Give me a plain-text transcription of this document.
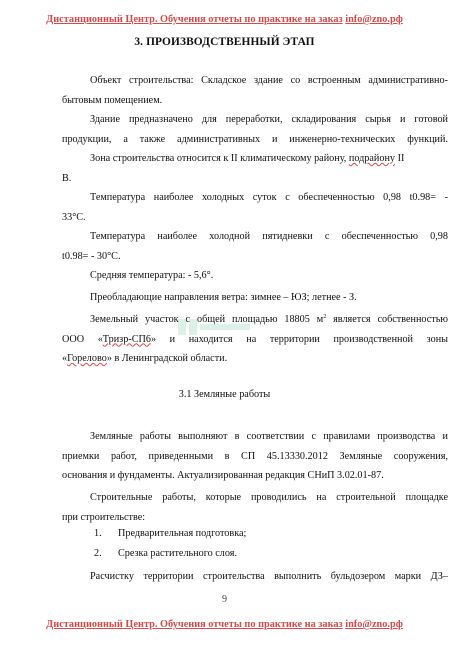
Дистанционный Центр. Обучения отчеты по практике на заказ info@zno.рф
3. ПРОИЗВОДСТВЕННЫЙ ЭТАП
Объект строительства: Складское здание со встроенным административно-
бытовым помещением.
Здание предназначено для переработки, складирования сырья и готовой
продукции, а также административных и инженерно-технических функций.
Зона строительства относится к II климатическому району, подрайону II
В.
Температура наиболее холодных суток с обеспеченностью 0,98 t0.98= -
33°С.
Температура наиболее холодной пятидневки с обеспеченностью 0,98
t0.98= - 30°С.
Средняя температура: - 5,6°.
Преобладающие направления ветра: зимнее – ЮЗ; летнее - З.
Земельный участок с общей площадью 18805 $м^2$ является собственностью
ООО «Тризр-СП6» и находится на территории производственной зоны
«Горелово» в Ленинградской области.
3.1 Земляные работы
Земляные работы выполняют в соответствии с правилами производства и
приемки работ, приведенными в СП 45.13330.2012 Земляные сооружения,
основания и фундаменты. Актуализированная редакция СНиП 3.02.01-87.
Строительные работы, которые проводились на строительной площадке
при строительстве:
1. Предварительная подготовка;
2. Срезка растительного слоя.
Расчистку территории строительства выполнить бульдозером марки ДЗ–
9
Дистанционный Центр. Обучения отчеты по практике на заказ info@zno.рф
